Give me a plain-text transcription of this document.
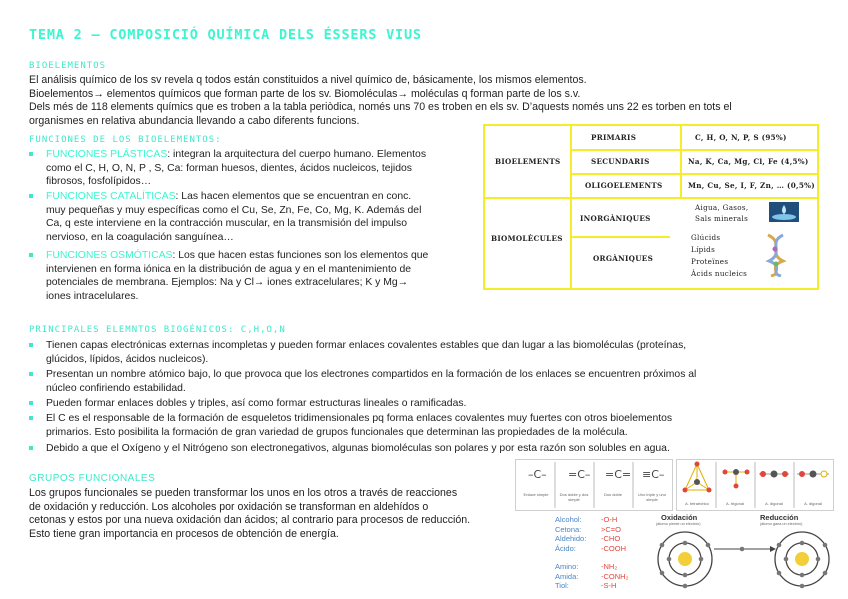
TEMA 2 – COMPOSICIÓ QUÍMICA DELS ÉSSERS VIUS
BIOELEMENTOS
El análisis químico de los sv revela q todos están constituidos a nivel químico de, básicamente, los mismos elementos.
Bioelementos→ elementos químicos que forman parte de los sv. Biomoléculas→ moléculas q forman parte de los s.v.
Dels més de 118 elements químics que es troben a la tabla periòdica, només uns 70 es troben en els sv. D’aquests només uns 22 es torben en tots el
organismes en relativa abundancia llevando a cabo diferents funcions.
FUNCIONES DE LOS BIOELEMENTOS:
FUNCIONES PLÁSTICAS: integran la arquitectura del cuerpo humano. Elementos
como el C, H, O, N, P , S, Ca: forman huesos, dientes, ácidos nucleicos, tejidos
fibrosos, fosfolípidos…
FUNCIONES CATALÍTICAS: Las hacen elementos que se encuentran en conc.
muy pequeñas y muy específicas como el Cu, Se, Zn, Fe, Co, Mg, K. Además del
Ca, q este interviene en la contracción muscular, en la transmisión del impulso
nervioso, en la coagulación sanguínea…
FUNCIONES OSMÓTICAS: Los que hacen estas funciones son los elementos que
intervienen en forma iónica en la distribución de agua y en el mantenimiento de
potenciales de membrana. Ejemplos: Na y Cl→ iones extracelulares; K y Mg→
iones intracelulares.
BIOELEMENTS
PRIMARIS	C, H, O, N, P, S (95%)
SECUNDARIS	Na, K, Ca, Mg, Cl, Fe (4,5%)
OLIGOELEMENTS	Mn, Cu, Se, I, F, Zn, … (0,5%)
BIOMOLÈCULES
INORGÀNIQUES
Aigua, Gasos,
Sals minerals
ORGÀNIQUES
Glúcids
Lípids
Proteïnes
Àcids nucleics
PRINCIPALES ELEMNTOS BIOGÉNICOS: C,H,O,N
Tienen capas electrónicas externas incompletas y pueden formar enlaces covalentes estables que dan lugar a las biomoléculas (proteínas,
glúcidos, lípidos, ácidos nucleicos).
Presentan un nombre atómico bajo, lo que provoca que los electrones compartidos en la formación de los enlaces se encuentren próximos al
núcleo confiriendo estabilidad.
Pueden formar enlaces dobles y triples, así como formar estructuras lineales o ramificadas.
El C es el responsable de la formación de esqueletos tridimensionales pq forma enlaces covalentes muy fuertes con otros bioelementos
primarios. Esto posibilita la formación de gran variedad de grupos funcionales que determinan las propiedades de la molécula.
Debido a que el Oxígeno y el Nitrógeno son electronegativos, algunas biomoléculas son polares y por esta razón son solubles en agua.
GRUPOS FUNCIONALES
Los grupos funcionales se pueden transformar los unos en los otros a través de reacciones
de oxidación y reducción. Los alcoholes por oxidación se transforman en aldehídos o
cetonas y estos por una nueva oxidación dan ácidos; al contrario para procesos de reducción.
Esto tiene gran importancia en procesos de obtención de energía.
–C– =C– =C= ≡C–
Enlace simple	Dos doble y dos simple
Dos doble	Uno triple y uno simple
A. tetraédrico	A. trigonal	A. digonal	A. digonal
Alcohol:	-O-H
Cetona:	>C=O
Aldehido: -CHO
Ácido:	-COOH
Amino:	-NH₂
Amida:	-CONH₂
Tiol:	-S-H
Oxidación
(átomo pierde un electrón)
Reducción
(átomo gana un electrón)
